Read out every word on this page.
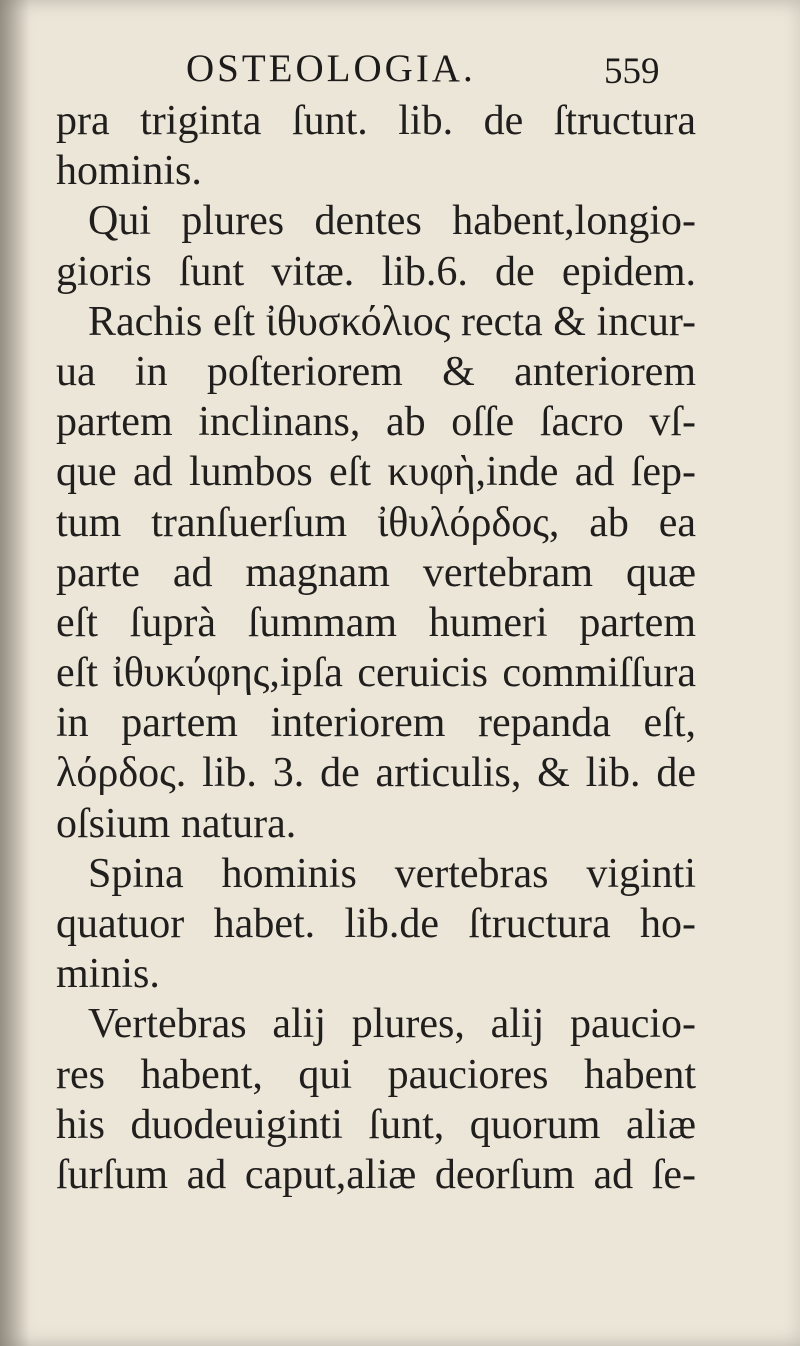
OSTEOLOGIA.	559
pra triginta ſunt. lib. de ſtructura
hominis.
Qui plures dentes habent,longio-
gioris ſunt vitæ. lib.6. de epidem.
Rachis eſt ἰθυσκόλιος recta & incur-
ua in poſteriorem & anteriorem
partem inclinans, ab oſſe ſacro vſ-
que ad lumbos eſt κυφὴ,inde ad ſep-
tum tranſuerſum ἰθυλόρδος, ab ea
parte ad magnam vertebram quæ
eſt ſuprà ſummam humeri partem
eſt ἰθυκύφης,ipſa ceruicis commiſſura
in partem interiorem repanda eſt,
λόρδος. lib. 3. de articulis, & lib. de
oſsium natura.
Spina hominis vertebras viginti
quatuor habet. lib.de ſtructura ho-
minis.
Vertebras alij plures, alij paucio-
res habent, qui pauciores habent
his duodeuiginti ſunt, quorum aliæ
ſurſum ad caput,aliæ deorſum ad ſe-
